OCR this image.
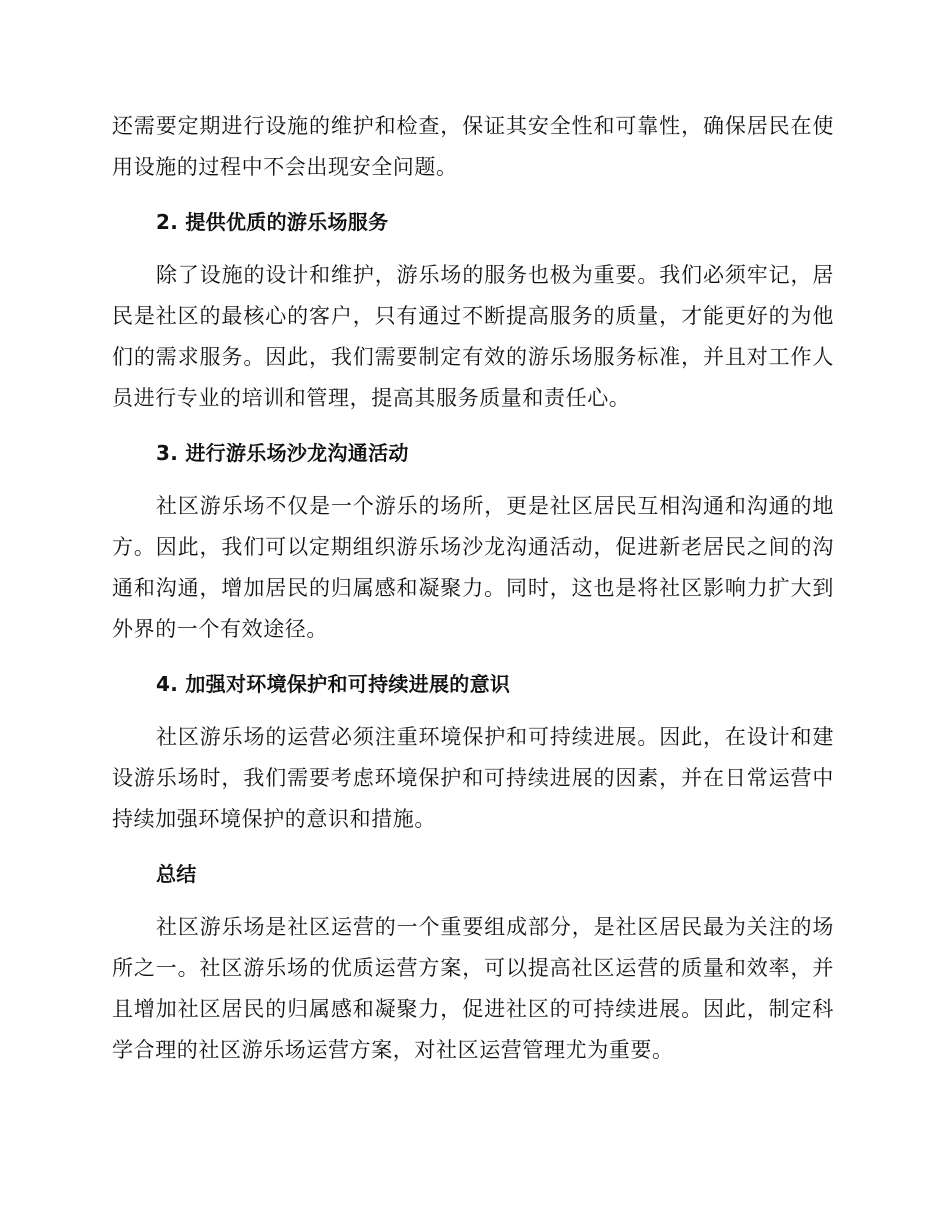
还需要定期进行设施的维护和检查，保证其安全性和可靠性，确保居民在使用设施的过程中不会出现安全问题。

2. 提供优质的游乐场服务

除了设施的设计和维护，游乐场的服务也极为重要。我们必须牢记，居民是社区的最核心的客户，只有通过不断提高服务的质量，才能更好的为他们的需求服务。因此，我们需要制定有效的游乐场服务标准，并且对工作人员进行专业的培训和管理，提高其服务质量和责任心。

3. 进行游乐场沙龙沟通活动

社区游乐场不仅是一个游乐的场所，更是社区居民互相沟通和沟通的地方。因此，我们可以定期组织游乐场沙龙沟通活动，促进新老居民之间的沟通和沟通，增加居民的归属感和凝聚力。同时，这也是将社区影响力扩大到外界的一个有效途径。

4. 加强对环境保护和可持续进展的意识

社区游乐场的运营必须注重环境保护和可持续进展。因此，在设计和建设游乐场时，我们需要考虑环境保护和可持续进展的因素，并在日常运营中持续加强环境保护的意识和措施。

总结

社区游乐场是社区运营的一个重要组成部分，是社区居民最为关注的场所之一。社区游乐场的优质运营方案，可以提高社区运营的质量和效率，并且增加社区居民的归属感和凝聚力，促进社区的可持续进展。因此，制定科学合理的社区游乐场运营方案，对社区运营管理尤为重要。
